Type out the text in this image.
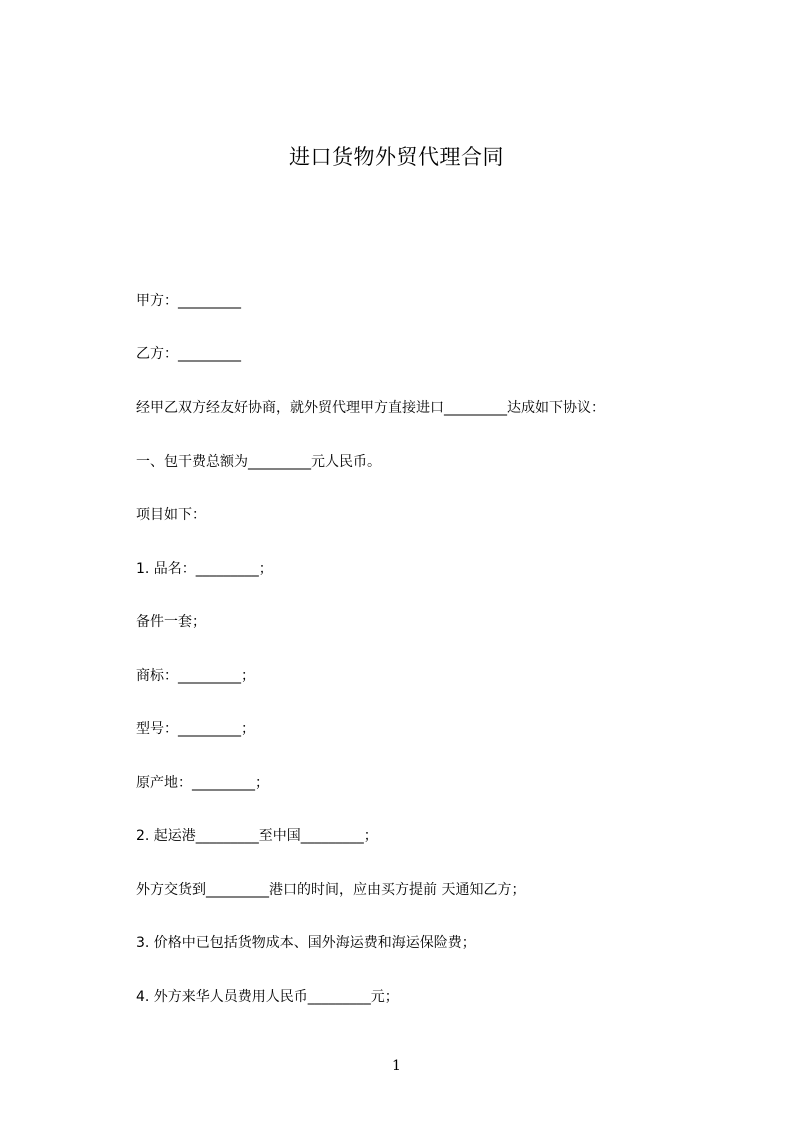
进口货物外贸代理合同
甲方：_________
乙方：_________
经甲乙双方经友好协商，就外贸代理甲方直接进口_________达成如下协议：
一、包干费总额为_________元人民币。
项目如下：
1. 品名：_________；
备件一套；
商标：_________；
型号：_________；
原产地：_________；
2. 起运港_________至中国_________；
外方交货到_________港口的时间，应由买方提前 天通知乙方；
3. 价格中已包括货物成本、国外海运费和海运保险费；
4. 外方来华人员费用人民币_________元；
1
